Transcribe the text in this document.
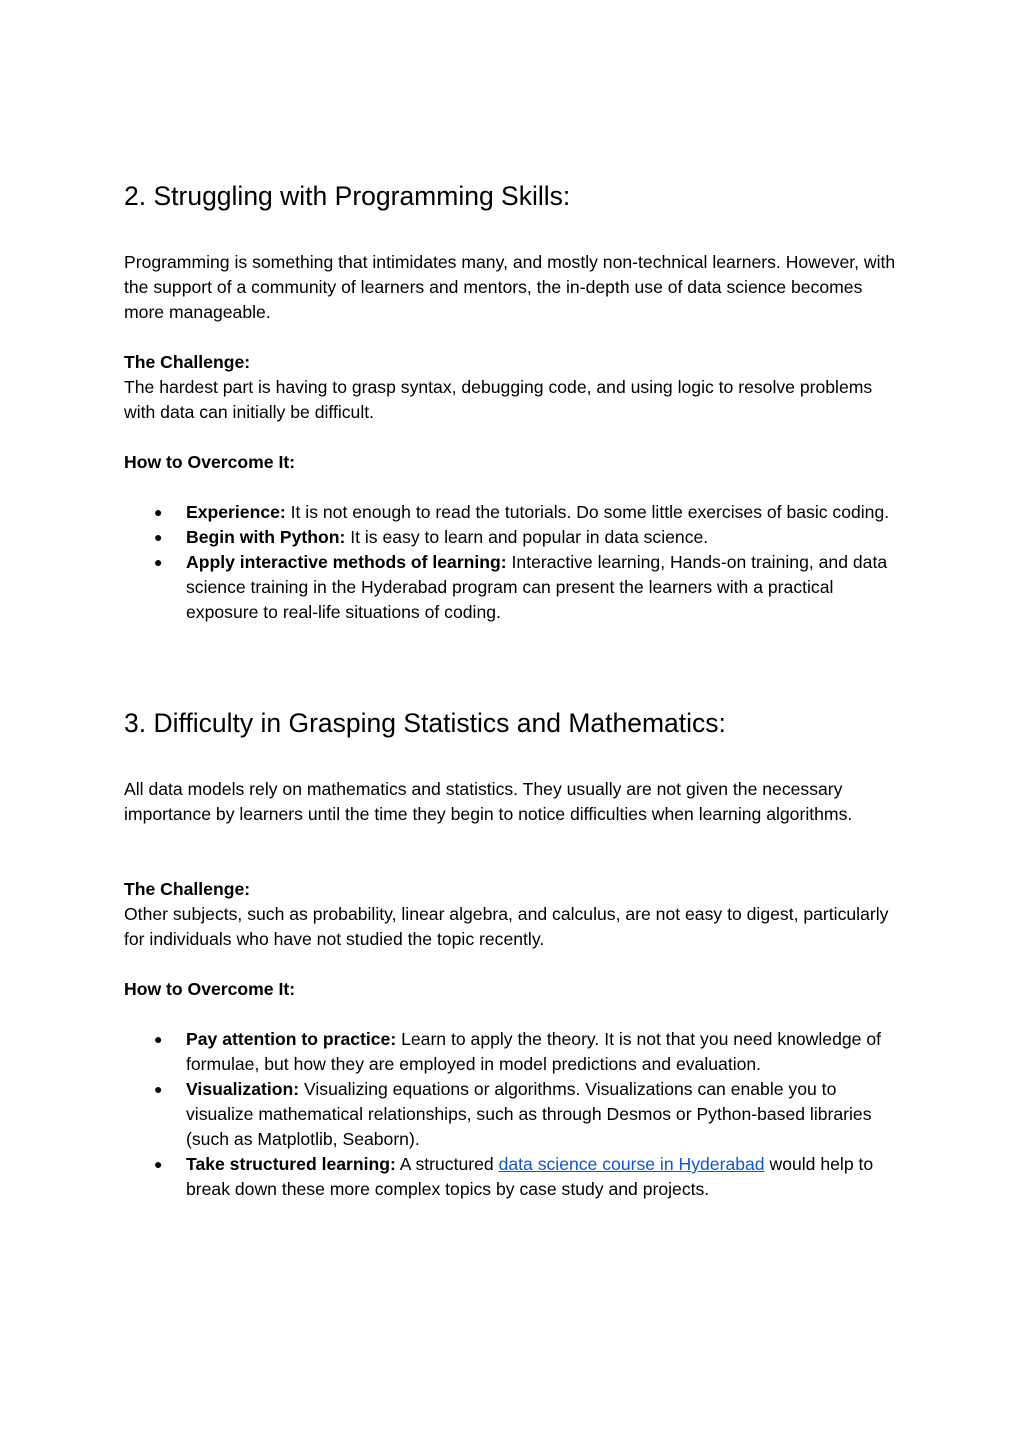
2. Struggling with Programming Skills:

Programming is something that intimidates many, and mostly non-technical learners. However, with the support of a community of learners and mentors, the in-depth use of data science becomes more manageable.

The Challenge:

The hardest part is having to grasp syntax, debugging code, and using logic to resolve problems with data can initially be difficult.

How to Overcome It:

● Experience: It is not enough to read the tutorials. Do some little exercises of basic coding.
● Begin with Python: It is easy to learn and popular in data science.
● Apply interactive methods of learning: Interactive learning, Hands-on training, and data science training in the Hyderabad program can present the learners with a practical exposure to real-life situations of coding.
3. Difficulty in Grasping Statistics and Mathematics:

All data models rely on mathematics and statistics. They usually are not given the necessary importance by learners until the time they begin to notice difficulties when learning algorithms.

The Challenge:

Other subjects, such as probability, linear algebra, and calculus, are not easy to digest, particularly for individuals who have not studied the topic recently.

How to Overcome It:

● Pay attention to practice: Learn to apply the theory. It is not that you need knowledge of formulae, but how they are employed in model predictions and evaluation.
● Visualization: Visualizing equations or algorithms. Visualizations can enable you to visualize mathematical relationships, such as through Desmos or Python-based libraries (such as Matplotlib, Seaborn).
● Take structured learning: A structured data science course in Hyderabad would help to break down these more complex topics by case study and projects.
